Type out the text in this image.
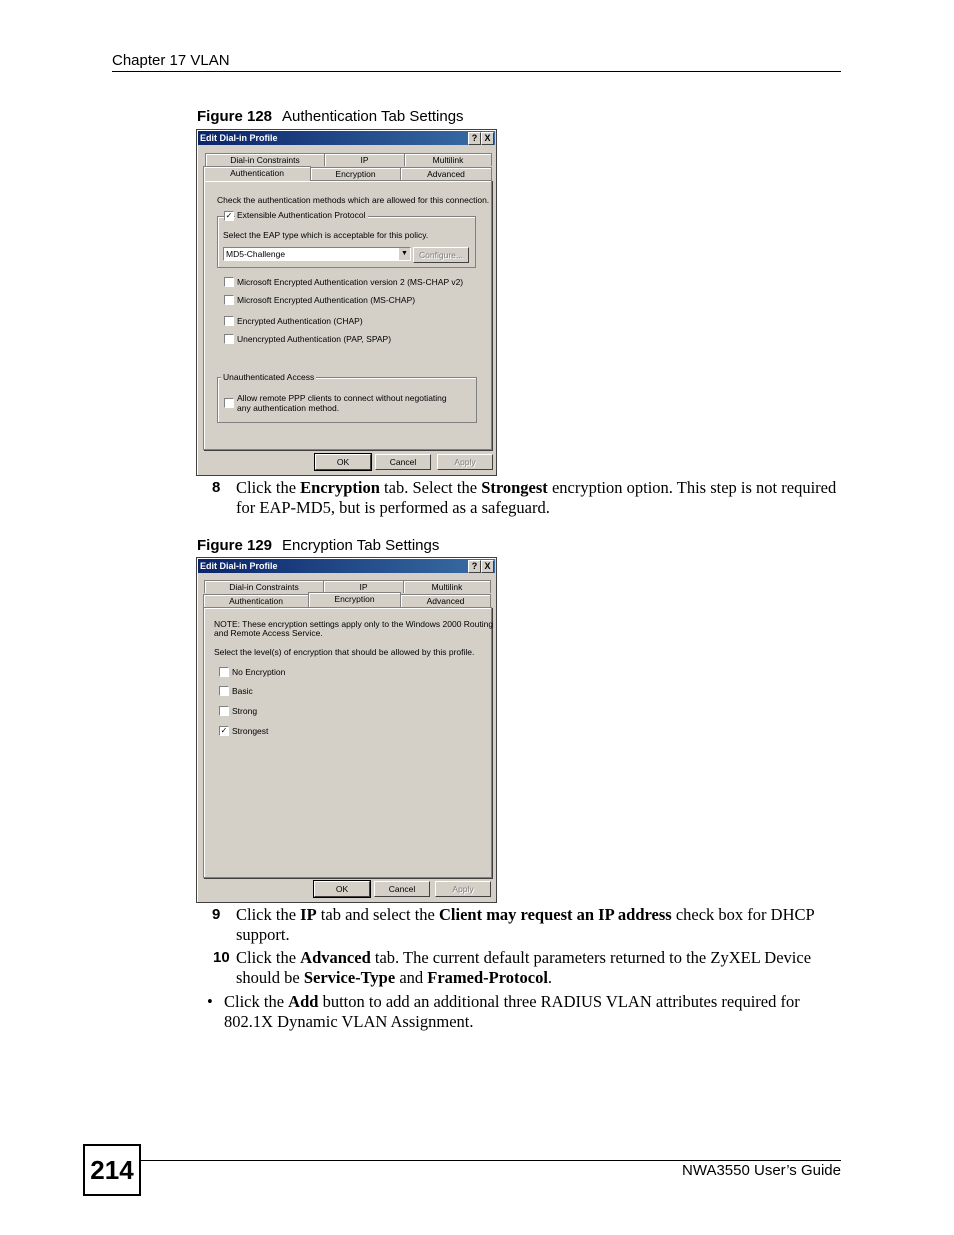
Chapter 17 VLAN
Figure 128 Authentication Tab Settings
Edit Dial-in Profile	? X
Dial-in Constraints	IP	Multilink
Authentication	Encryption	Advanced
Check the authentication methods which are allowed for this connection.
✓ Extensible Authentication Protocol
Select the EAP type which is acceptable for this policy.
MD5-Challenge	▼	Configure...
Microsoft Encrypted Authentication version 2 (MS-CHAP v2)
Microsoft Encrypted Authentication (MS-CHAP)
Encrypted Authentication (CHAP)
Unencrypted Authentication (PAP, SPAP)
Unauthenticated Access
Allow remote PPP clients to connect without negotiating
any authentication method.
OK	Cancel	Apply
8 Click the Encryption tab. Select the Strongest encryption option. This step is not required for EAP-MD5, but is performed as a safeguard.
Figure 129 Encryption Tab Settings
Edit Dial-in Profile	? X
Dial-in Constraints	IP	Multilink
Authentication	Encryption	Advanced
NOTE: These encryption settings apply only to the Windows 2000 Routing
and Remote Access Service.
Select the level(s) of encryption that should be allowed by this profile.
No Encryption
Basic
Strong
✓ Strongest
OK	Cancel	Apply
9 Click the IP tab and select the Client may request an IP address check box for DHCP support.
10 Click the Advanced tab. The current default parameters returned to the ZyXEL Device should be Service-Type and Framed-Protocol.
• Click the Add button to add an additional three RADIUS VLAN attributes required for 802.1X Dynamic VLAN Assignment.
214	NWA3550 User’s Guide
